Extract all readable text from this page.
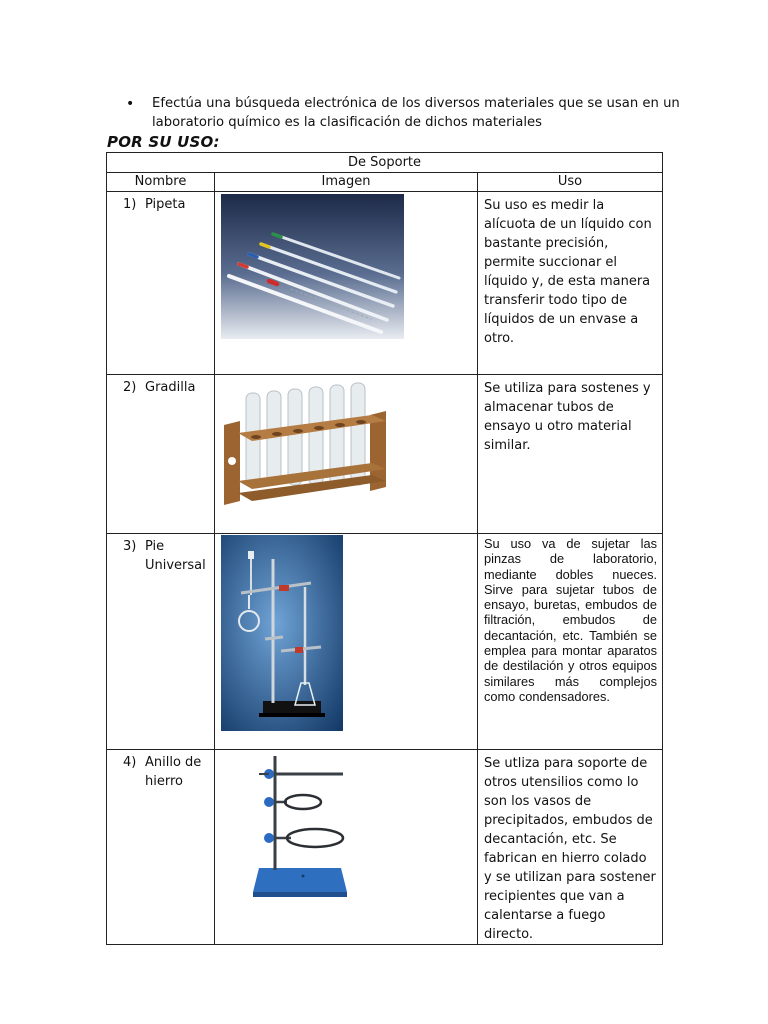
• Efectúa una búsqueda electrónica de los diversos materiales que se usan en un
laboratorio químico es la clasificación de dichos materiales
POR SU USO:
De Soporte		
Nombre	Imagen	Uso
1) Pipeta		Su uso es medir la alícuota de un líquido con bastante precisión, permite succionar el líquido y, de esta manera transferir todo tipo de líquidos de un envase a otro.
2) Gradilla		Se utiliza para sostenes y almacenar tubos de ensayo u otro material similar.
3) Pie Universal		Su uso va de sujetar las pinzas de laboratorio, mediante dobles nueces. Sirve para sujetar tubos de ensayo, buretas, embudos de filtración, embudos de decantación, etc. También se emplea para montar aparatos de destilación y otros equipos similares más complejos como condensadores.
4) Anillo de hierro		Se utliza para soporte de otros utensilios como lo son los vasos de precipitados, embudos de decantación, etc. Se fabrican en hierro colado y se utilizan para sostener recipientes que van a calentarse a fuego directo.
